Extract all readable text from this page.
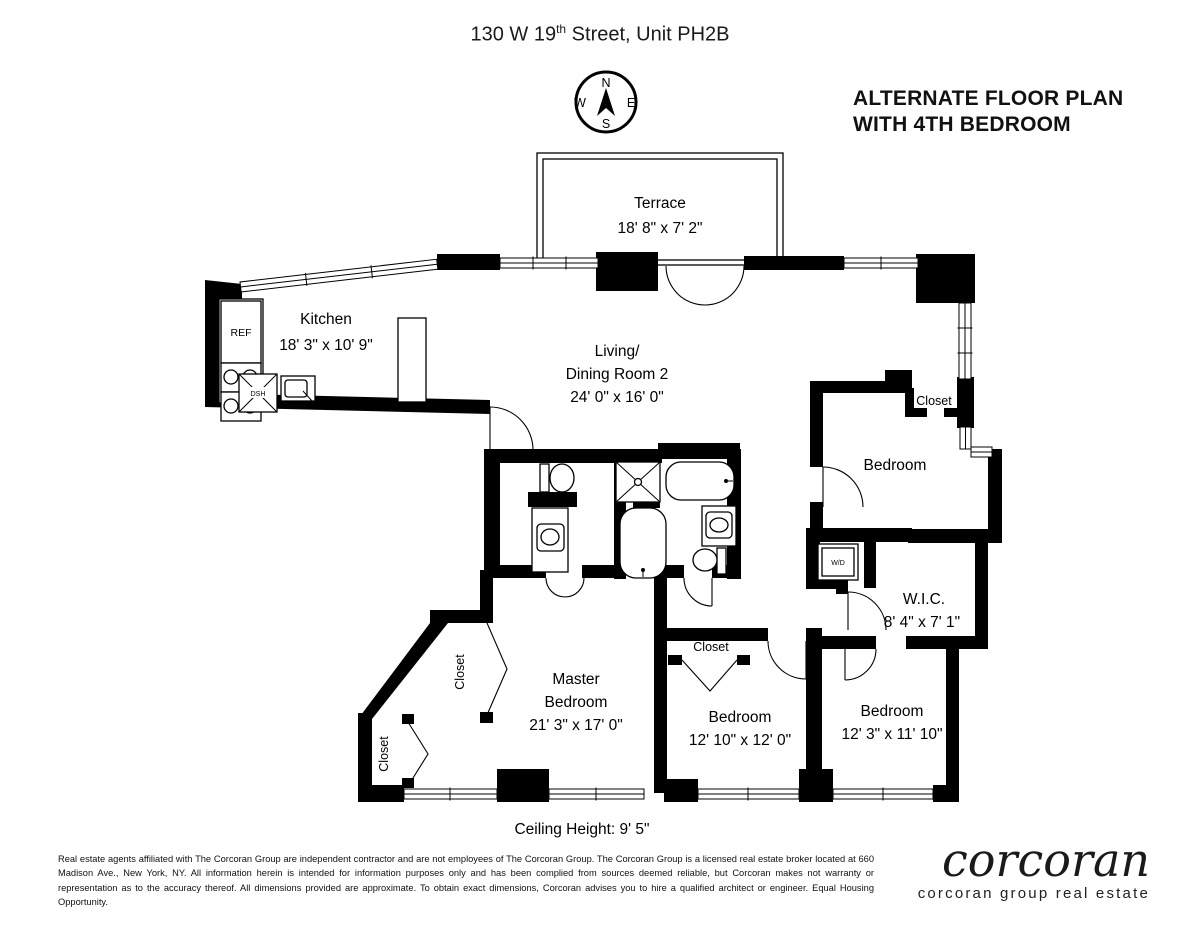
130 W 19th Street, Unit PH2B
ALTERNATE FLOOR PLAN
WITH 4TH BEDROOM
N
E
S
W
REF
DSH
W/D
Terrace
18' 8" x 7' 2"
Kitchen
18' 3" x 10' 9"	Living/
Dining Room 2
24' 0" x 16' 0"
Bedroom
Closet
W.I.C.
8' 4" x 7' 1"
Master
Bedroom
21' 3" x 17' 0"
Closet
Closet
Closet
Bedroom
12' 10" x 12' 0"
Bedroom
12' 3" x 11' 10"
Ceiling Height: 9' 5"
Real estate agents affiliated with The Corcoran Group are independent contractor and are not employees of The Corcoran Group. The Corcoran Group is a licensed real estate broker located at 660 Madison Ave., New York, NY. All information herein is intended for information purposes only and has been complied from sources deemed reliable, but Corcoran makes not warranty or representation as to the accuracy thereof. All dimensions provided are approximate. To obtain exact dimensions, Corcoran advises you to hire a qualified architect or engineer. Equal Housing Opportunity.
corcoran
corcoran group real estate
